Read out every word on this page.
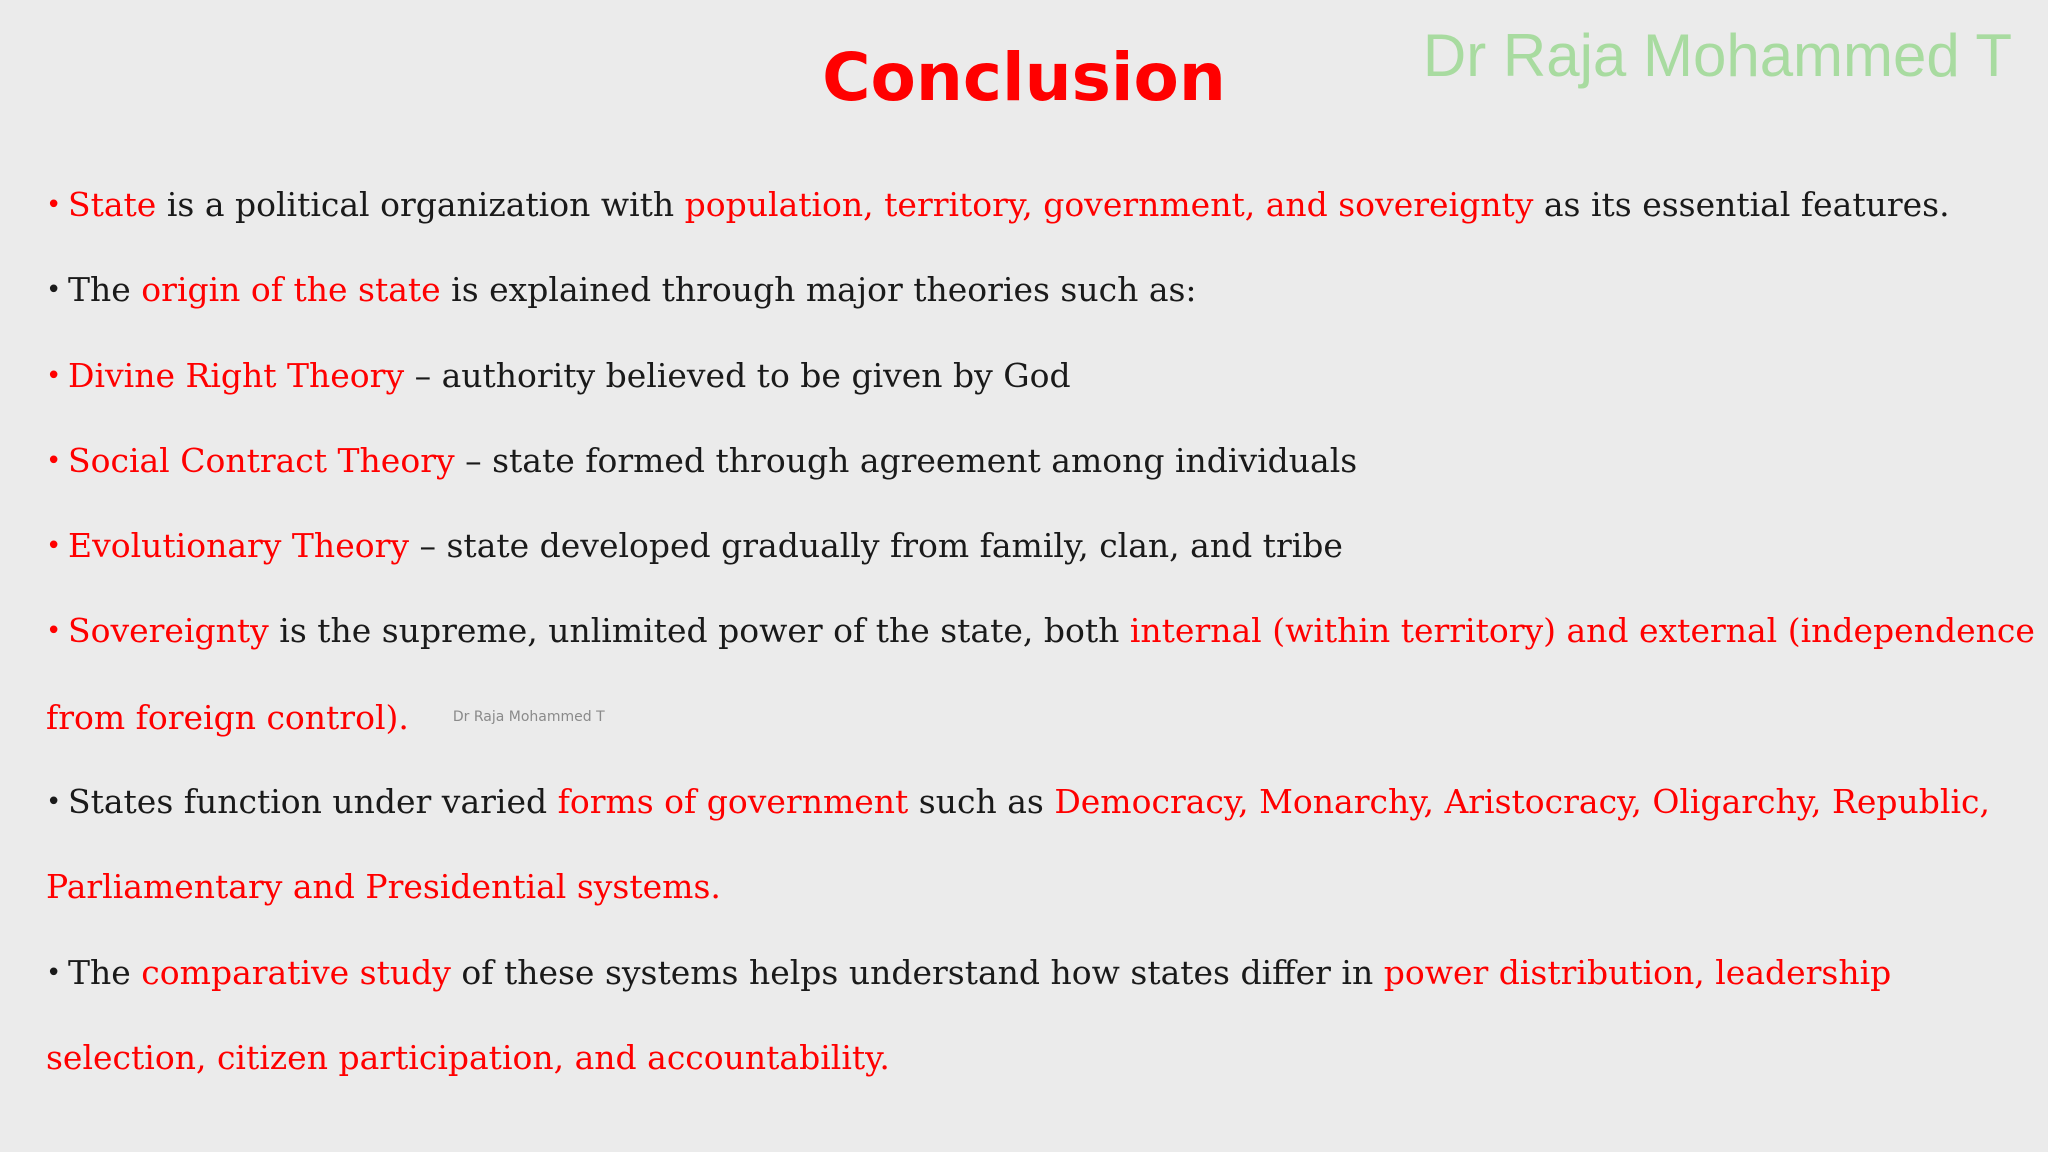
Conclusion	Dr Raja Mohammed T
• State is a political organization with population, territory, government, and sovereignty as its essential features.
• The origin of the state is explained through major theories such as:
• Divine Right Theory – authority believed to be given by God
• Social Contract Theory – state formed through agreement among individuals
• Evolutionary Theory – state developed gradually from family, clan, and tribe
• Sovereignty is the supreme, unlimited power of the state, both internal (within territory) and external (independence
from foreign control).	Dr Raja Mohammed T
• States function under varied forms of government such as Democracy, Monarchy, Aristocracy, Oligarchy, Republic,
Parliamentary and Presidential systems.
• The comparative study of these systems helps understand how states differ in power distribution, leadership
selection, citizen participation, and accountability.
